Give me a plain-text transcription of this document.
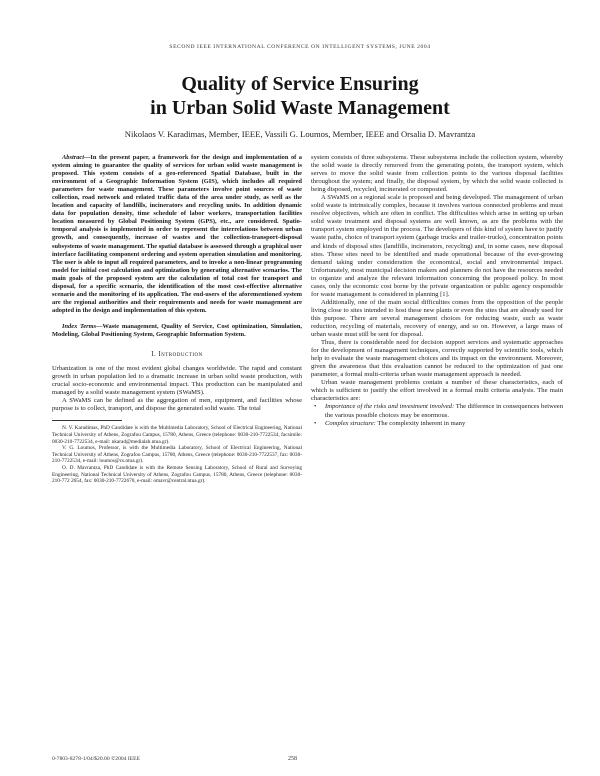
SECOND IEEE INTERNATIONAL CONFERENCE ON INTELLIGENT SYSTEMS, JUNE 2004
Quality of Service Ensuring
in Urban Solid Waste Management
Nikolaos V. Karadimas, Member, IEEE, Vassili G. Loumos, Member, IEEE and Orsalia D. Mavrantza

Abstract—In the present paper, a framework for the design and implementation of a system aiming to guarantee the quality of services for urban solid waste management is proposed. This system consists of a geo-referenced Spatial Database, built in the environment of a Geographic Information System (GIS), which includes all required parameters for waste management. These parameters involve point sources of waste collection, road network and related traffic data of the area under study, as well as the location and capacity of landfills, incinerators and recycling units. In addition dynamic data for population density, time schedule of labor workers, transportation facilities location measured by Global Positioning System (GPS), etc., are considered. Spatio-temporal analysis is implemented in order to represent the interrelations between urban growth, and consequently, increase of wastes and the collection-transport-disposal subsystems of waste management. The spatial database is assessed through a graphical user interface facilitating component ordering and system operation simulation and monitoring. The user is able to input all required parameters, and to invoke a non-linear programming model for initial cost calculation and optimization by generating alternative scenarios. The main goals of the proposed system are the calculation of total cost for transport and disposal, for a specific scenario, the identification of the most cost-effective alternative scenario and the monitoring of its application. The end-users of the aforementioned system are the regional authorities and their requirements and needs for waste management are adopted in the design and implementation of this system.

Index Terms—Waste management, Quality of Service, Cost optimization, Simulation, Modeling, Global Positioning System, Geographic Information System.

I. Introduction

Urbanization is one of the most evident global changes worldwide. The rapid and constant growth in urban population led to a dramatic increase in urban solid waste production, with crucial socio-economic and environmental impact. This production can be manipulated and managed by a solid waste management system (SWaMS).

A SWaMS can be defined as the aggregation of men, equipment, and facilities whose purpose is to collect, transport, and dispose the generated solid waste. The total

N. V. Karadimas, PhD Candidate is with the Multimedia Laboratory, School of Electrical Engineering, National Technical University of Athens, Zografou Campus, 15780, Athens, Greece (telephone: 0030-210-7722534, facsimile: 0030-210-7722534, e-mail: nkarad@medialab.ntua.gr).

V. G. Loumos, Professor, is with the Multimedia Laboratory, School of Electrical Engineering, National Technical University of Athens, Zografou Campus, 15780, Athens, Greece (telephone: 0030-210-7722537, fax: 0030-210-7722534, e-mail: loumos@cs.ntua.gr).

O. D. Mavrantza, PhD Candidate is with the Remote Sensing Laboratory, School of Rural and Surveying Engineering, National Technical University of Athens, Zografou Campus, 15780, Athens, Greece (telephone: 0030-210-772 2654, fax: 0030-210-7722670, e-mail: omavr@central.ntua.gr).

system consists of three subsystems. These subsystems include the collection system, whereby the solid waste is directly removed from the generating points, the transport system, which serves to move the solid waste from collection points to the various disposal facilities throughout the system; and finally, the disposal system, by which the solid waste collected is being disposed, recycled, incinerated or composted.

A SWaMS on a regional scale is proposed and being developed. The management of urban solid waste is intrinsically complex, because it involves various connected problems and must resolve objectives, which are often in conflict. The difficulties which arise in setting up urban solid waste treatment and disposal systems are well known, as are the problems with the transport system employed in the process. The developers of this kind of system have to justify waste paths, choice of transport system (garbage trucks and trailer-trucks), concentration points and kinds of disposal sites (landfills, incinerators, recycling) and, in some cases, new disposal sites. These sites need to be identified and made operational because of the ever-growing demand taking under consideration the economical, social and environmental impact. Unfortunately, most municipal decision makers and planners do not have the resources needed to organize and analyze the relevant information concerning the proposed policy. In most cases, only the economic cost borne by the private organization or public agency responsible for waste management is considered in planning [1].

Additionally, one of the main social difficulties comes from the opposition of the people living close to sites intended to host these new plants or even the sites that are already used for this purpose. There are several management choices for reducing waste, such as waste reduction, recycling of materials, recovery of energy, and so on. However, a large mass of urban waste must still be sent for disposal.

Thus, there is considerable need for decision support services and systematic approaches for the development of management techniques, correctly supported by scientific tools, which help to evaluate the waste management choices and its impact on the environment. Moreover, given the awareness that this evaluation cannot be reduced to the optimization of just one parameter, a formal multi-criteria urban waste management approach is needed.

Urban waste management problems contain a number of these characteristics, each of which is sufficient to justify the effort involved in a formal multi criteria analysis. The main characteristics are:

• Importance of the risks and investment involved: The difference in consequences between the various possible choices may be enormous.

• Complex structure: The complexity inherent in many

0-7803-8278-1/04/$20.00 ©2004 IEEE	258
